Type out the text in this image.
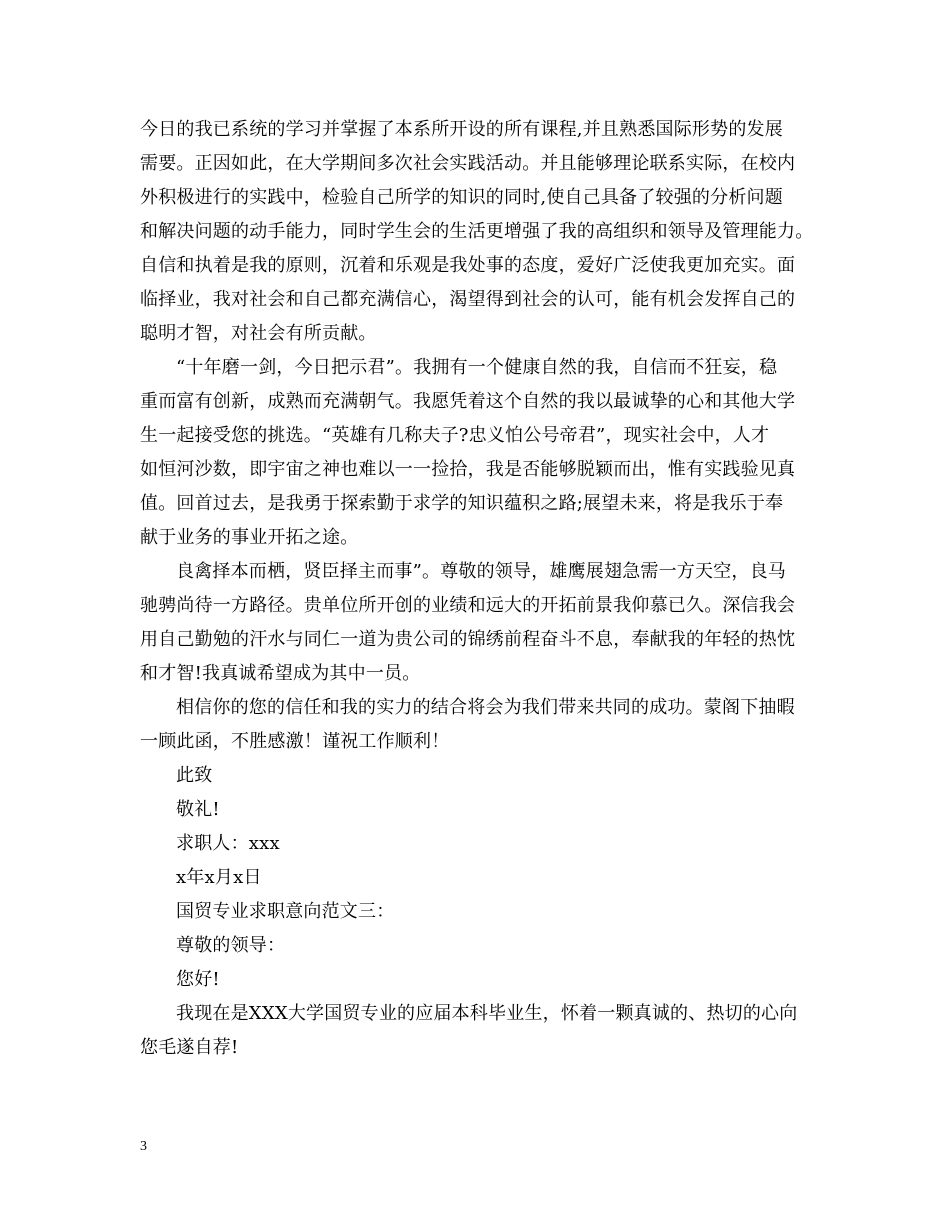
今日的我已系统的学习并掌握了本系所开设的所有课程,并且熟悉国际形势的发展
需要。正因如此，在大学期间多次社会实践活动。并且能够理论联系实际，在校内
外积极进行的实践中，检验自己所学的知识的同时,使自己具备了较强的分析问题
和解决问题的动手能力，同时学生会的生活更增强了我的高组织和领导及管理能力。
自信和执着是我的原则，沉着和乐观是我处事的态度，爱好广泛使我更加充实。面
临择业，我对社会和自己都充满信心，渴望得到社会的认可，能有机会发挥自己的
聪明才智，对社会有所贡献。
“十年磨一剑，今日把示君”。我拥有一个健康自然的我，自信而不狂妄，稳
重而富有创新，成熟而充满朝气。我愿凭着这个自然的我以最诚挚的心和其他大学
生一起接受您的挑选。“英雄有几称夫子?忠义怕公号帝君”，现实社会中，人才
如恒河沙数，即宇宙之神也难以一一捡拾，我是否能够脱颖而出，惟有实践验见真
值。回首过去，是我勇于探索勤于求学的知识蕴积之路;展望未来，将是我乐于奉
献于业务的事业开拓之途。
良禽择本而栖，贤臣择主而事”。尊敬的领导，雄鹰展翅急需一方天空，良马
驰骋尚待一方路径。贵单位所开创的业绩和远大的开拓前景我仰慕已久。深信我会
用自己勤勉的汗水与同仁一道为贵公司的锦绣前程奋斗不息，奉献我的年轻的热忱
和才智!我真诚希望成为其中一员。
相信你的您的信任和我的实力的结合将会为我们带来共同的成功。蒙阁下抽暇
一顾此函，不胜感激！谨祝工作顺利！
此致
敬礼!
求职人：xxx
x年x月x日
国贸专业求职意向范文三：
尊敬的领导：
您好!
我现在是XXX大学国贸专业的应届本科毕业生，怀着一颗真诚的、热切的心向
您毛遂自荐!
3
